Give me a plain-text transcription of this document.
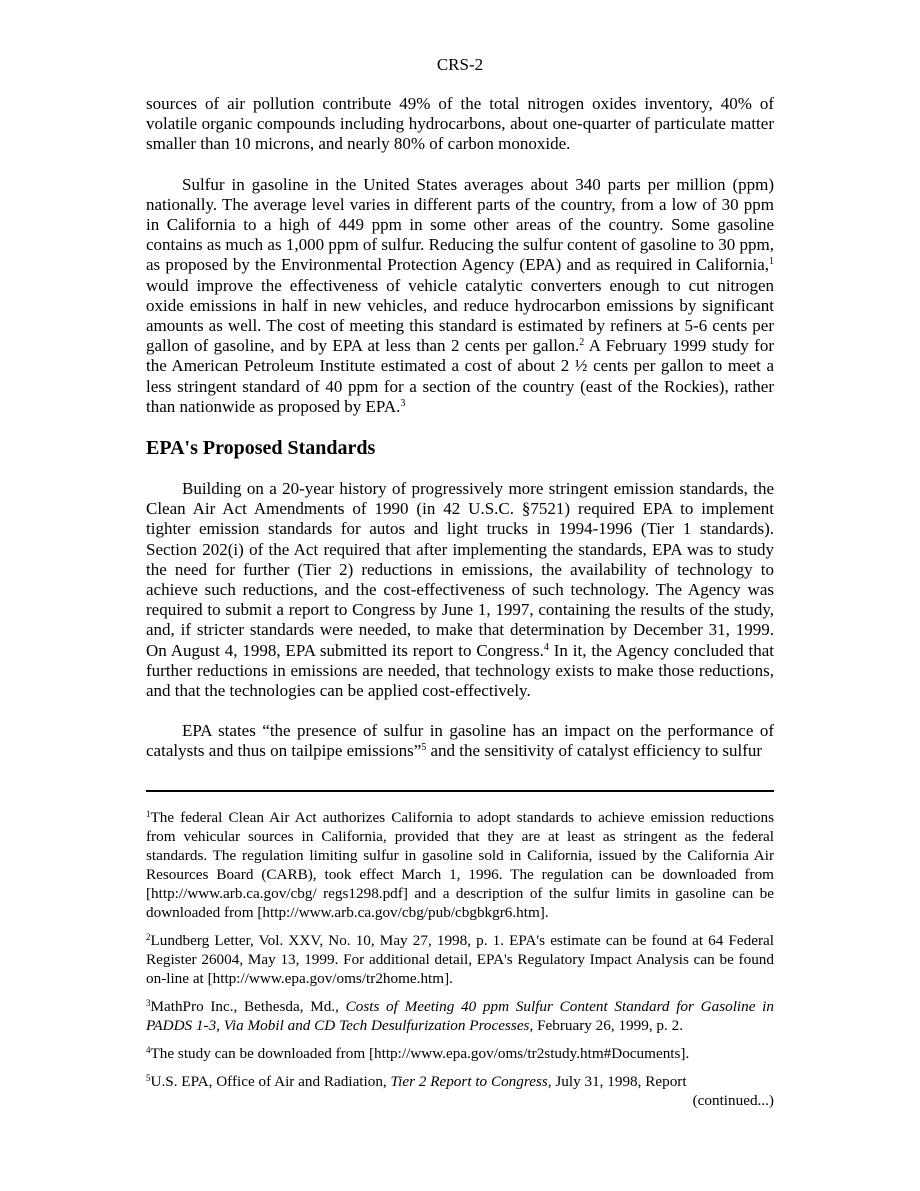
CRS-2

sources of air pollution contribute 49% of the total nitrogen oxides inventory, 40% of volatile organic compounds including hydrocarbons, about one-quarter of particulate matter smaller than 10 microns, and nearly 80% of carbon monoxide.

Sulfur in gasoline in the United States averages about 340 parts per million (ppm) nationally. The average level varies in different parts of the country, from a low of 30 ppm in California to a high of 449 ppm in some other areas of the country. Some gasoline contains as much as 1,000 ppm of sulfur. Reducing the sulfur content of gasoline to 30 ppm, as proposed by the Environmental Protection Agency (EPA) and as required in California,$^1$ would improve the effectiveness of vehicle catalytic converters enough to cut nitrogen oxide emissions in half in new vehicles, and reduce hydrocarbon emissions by significant amounts as well. The cost of meeting this standard is estimated by refiners at 5-6 cents per gallon of gasoline, and by EPA at less than 2 cents per gallon.$^2$ A February 1999 study for the American Petroleum Institute estimated a cost of about 2 ½ cents per gallon to meet a less stringent standard of 40 ppm for a section of the country (east of the Rockies), rather than nationwide as proposed by EPA.$^3$

EPA's Proposed Standards

Building on a 20-year history of progressively more stringent emission standards, the Clean Air Act Amendments of 1990 (in 42 U.S.C. §7521) required EPA to implement tighter emission standards for autos and light trucks in 1994-1996 (Tier 1 standards). Section 202(i) of the Act required that after implementing the standards, EPA was to study the need for further (Tier 2) reductions in emissions, the availability of technology to achieve such reductions, and the cost-effectiveness of such technology. The Agency was required to submit a report to Congress by June 1, 1997, containing the results of the study, and, if stricter standards were needed, to make that determination by December 31, 1999. On August 4, 1998, EPA submitted its report to Congress.$^4$ In it, the Agency concluded that further reductions in emissions are needed, that technology exists to make those reductions, and that the technologies can be applied cost-effectively.

EPA states “the presence of sulfur in gasoline has an impact on the performance of catalysts and thus on tailpipe emissions”$^5$ and the sensitivity of catalyst efficiency to sulfur

$^1$The federal Clean Air Act authorizes California to adopt standards to achieve emission reductions from vehicular sources in California, provided that they are at least as stringent as the federal standards. The regulation limiting sulfur in gasoline sold in California, issued by the California Air Resources Board (CARB), took effect March 1, 1996. The regulation can be downloaded from [http://www.arb.ca.gov/cbg/ regs1298.pdf] and a description of the sulfur limits in gasoline can be downloaded from [http://www.arb.ca.gov/cbg/pub/cbgbkgr6.htm].

$^2$Lundberg Letter, Vol. XXV, No. 10, May 27, 1998, p. 1. EPA's estimate can be found at 64 Federal Register 26004, May 13, 1999. For additional detail, EPA's Regulatory Impact Analysis can be found on-line at [http://www.epa.gov/oms/tr2home.htm].

$^3$MathPro Inc., Bethesda, Md., Costs of Meeting 40 ppm Sulfur Content Standard for Gasoline in PADDS 1-3, Via Mobil and CD Tech Desulfurization Processes, February 26, 1999, p. 2.

$^4$The study can be downloaded from [http://www.epa.gov/oms/tr2study.htm#Documents].

$^5$U.S. EPA, Office of Air and Radiation, Tier 2 Report to Congress, July 31, 1998, Report
(continued...)
